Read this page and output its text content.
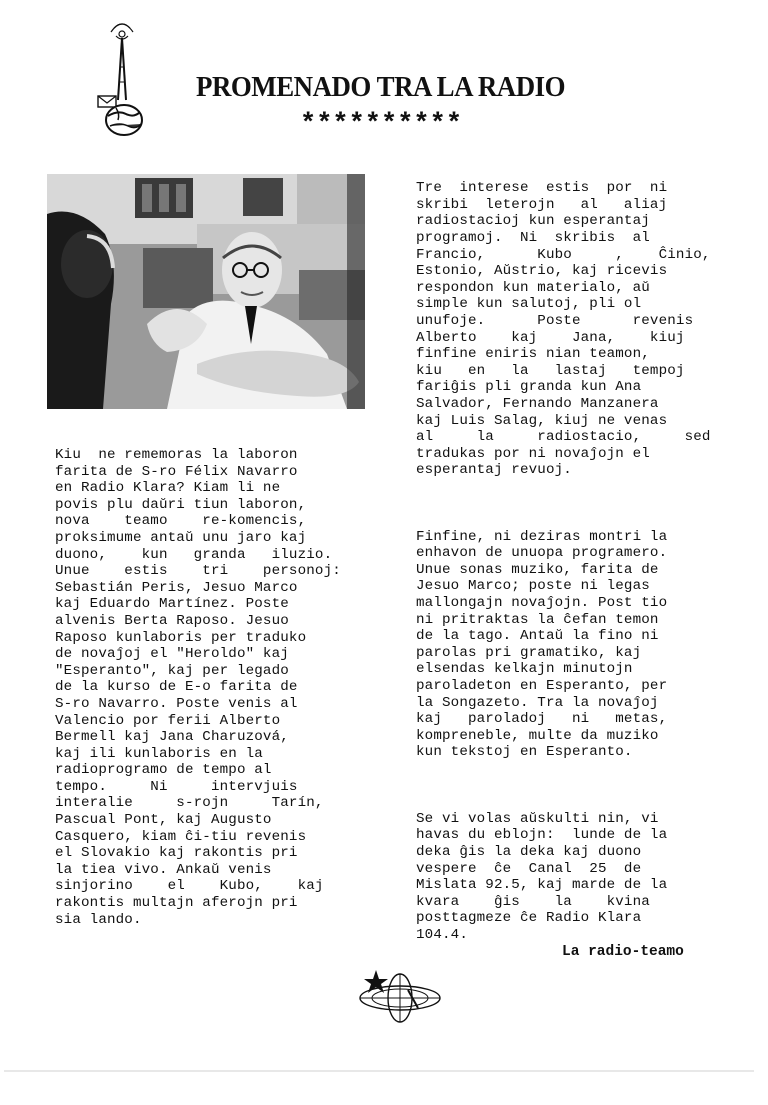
PROMENADO TRA LA RADIO
**********
Kiu  ne rememoras la laboron
farita de S-ro Félix Navarro
en Radio Klara? Kiam li ne
povis plu daŭri tiun laboron,
nova    teamo    re-komencis,
proksimume antaŭ unu jaro kaj
duono,    kun   granda   iluzio.
Unue    estis    tri    personoj:
Sebastián Peris, Jesuo Marco
kaj Eduardo Martínez. Poste
alvenis Berta Raposo. Jesuo
Raposo kunlaboris per traduko
de novaĵoj el "Heroldo" kaj
"Esperanto", kaj per legado
de la kurso de E-o farita de
S-ro Navarro. Poste venis al
Valencio por ferii Alberto
Bermell kaj Jana Charuzová,
kaj ili kunlaboris en la
radioprogramo de tempo al
tempo.     Ni     intervjuis
interalie     s-rojn     Tarín,
Pascual Pont, kaj Augusto
Casquero, kiam ĉi-tiu revenis
el Slovakio kaj rakontis pri
la tiea vivo. Ankaŭ venis
sinjorino    el    Kubo,    kaj
rakontis multajn aferojn pri
sia lando.

Tre  interese  estis  por  ni
skribi  leterojn   al   aliaj
radiostacioj kun esperantaj
programoj.  Ni  skribis  al
Francio,      Kubo     ,    Ĉinio,
Estonio, Aŭstrio, kaj ricevis
respondon kun materialo, aŭ
simple kun salutoj, pli ol
unufoje.      Poste      revenis
Alberto    kaj    Jana,    kiuj
finfine eniris nian teamon,
kiu   en   la   lastaj   tempoj
fariĝis pli granda kun Ana
Salvador, Fernando Manzanera
kaj Luis Salag, kiuj ne venas
al     la     radiostacio,     sed
tradukas por ni novaĵojn el
esperantaj revuoj.

Finfine, ni deziras montri la
enhavon de unuopa programero.
Unue sonas muziko, farita de
Jesuo Marco; poste ni legas
mallongajn novaĵojn. Post tio
ni pritraktas la ĉefan temon
de la tago. Antaŭ la fino ni
parolas pri gramatiko, kaj
elsendas kelkajn minutojn
paroladeton en Esperanto, per
la Songazeto. Tra la novaĵoj
kaj   paroladoj   ni   metas,
kompreneble, multe da muziko
kun tekstoj en Esperanto.

Se vi volas aŭskulti nin, vi
havas du eblojn:  lunde de la
deka ĝis la deka kaj duono
vespere  ĉe  Canal  25  de
Mislata 92.5, kaj marde de la
kvara    ĝis    la    kvina
posttagmeze ĉe Radio Klara
104.4.

La radio-teamo
